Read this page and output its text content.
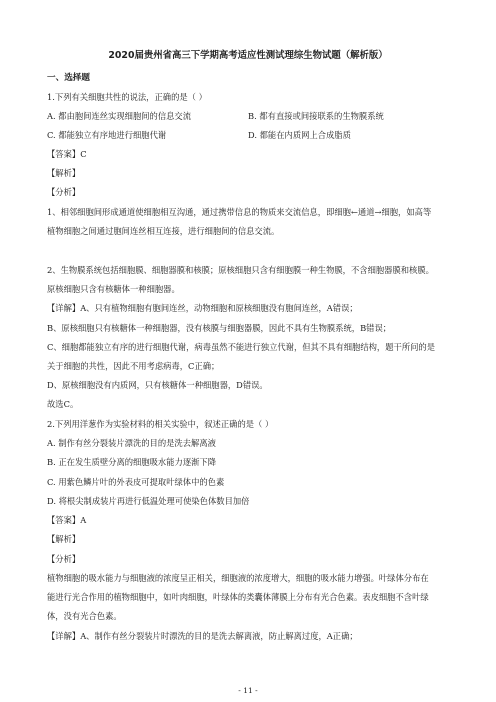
2020届贵州省高三下学期高考适应性测试理综生物试题（解析版）
一、选择题
1.下列有关细胞共性的说法，正确的是（ ）
A. 都由胞间连丝实现细胞间的信息交流	B. 都有直接或间接联系的生物膜系统
C. 都能独立有序地进行细胞代谢	D. 都能在内质网上合成脂质
【答案】C
【解析】
【分析】
1、相邻细胞间形成通道使细胞相互沟通，通过携带信息的物质来交流信息，即细胞←通道→细胞，如高等
植物细胞之间通过胞间连丝相互连接，进行细胞间的信息交流。
2、生物膜系统包括细胞膜、细胞器膜和核膜；原核细胞只含有细胞膜一种生物膜，不含细胞器膜和核膜。
原核细胞只含有核糖体一种细胞器。
【详解】A、只有植物细胞有胞间连丝，动物细胞和原核细胞没有胞间连丝，A错误；
B、原核细胞只有核糖体一种细胞器，没有核膜与细胞器膜，因此不具有生物膜系统，B错误；
C、细胞都能独立有序的进行细胞代谢，病毒虽然不能进行独立代谢，但其不具有细胞结构，题干所问的是
关于细胞的共性，因此不用考虑病毒，C正确；
D、原核细胞没有内质网，只有核糖体一种细胞器，D错误。
故选C。
2.下列用洋葱作为实验材料的相关实验中，叙述正确的是（ ）
A. 制作有丝分裂装片漂洗的目的是洗去解离液
B. 正在发生质壁分离的细胞吸水能力逐渐下降
C. 用紫色鳞片叶的外表皮可提取叶绿体中的色素
D. 将根尖制成装片再进行低温处理可使染色体数目加倍
【答案】A
【解析】
【分析】
植物细胞的吸水能力与细胞液的浓度呈正相关，细胞液的浓度增大，细胞的吸水能力增强。叶绿体分布在
能进行光合作用的植物细胞中，如叶肉细胞，叶绿体的类囊体薄膜上分布有光合色素。表皮细胞不含叶绿
体，没有光合色素。
【详解】A、制作有丝分裂装片时漂洗的目的是洗去解离液，防止解离过度，A正确；
- 11 -
